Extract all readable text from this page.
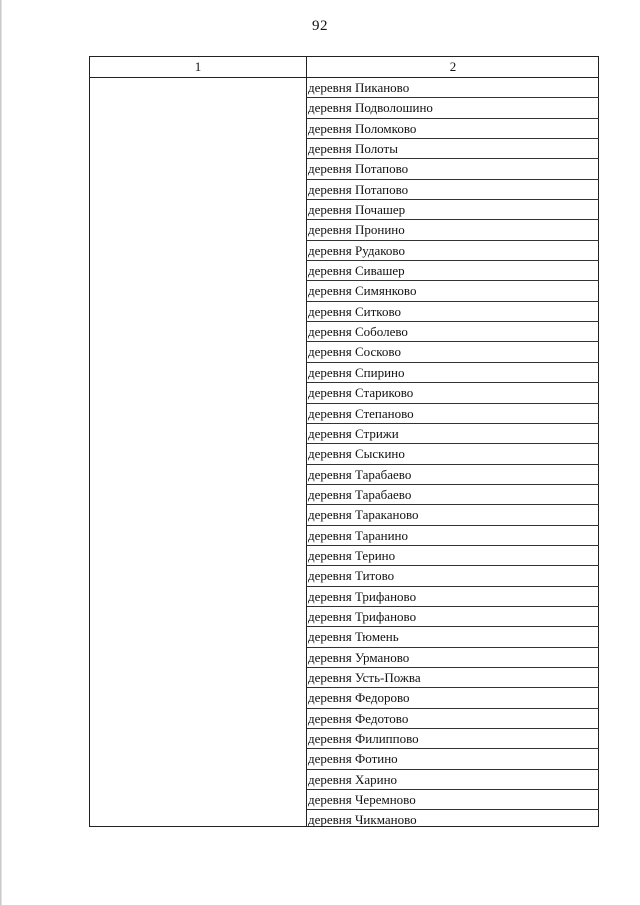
92
1	2
деревня Пиканово
деревня Подволошино
деревня Поломково
деревня Полоты
деревня Потапово
деревня Потапово
деревня Почашер
деревня Пронино
деревня Рудаково
деревня Сивашер
деревня Симянково
деревня Ситково
деревня Соболево
деревня Сосково
деревня Спирино
деревня Стариково
деревня Степаново
деревня Стрижи
деревня Сыскино
деревня Тарабаево
деревня Тарабаево
деревня Тараканово
деревня Таранино
деревня Терино
деревня Титово
деревня Трифаново
деревня Трифаново
деревня Тюмень
деревня Урманово
деревня Усть-Пожва
деревня Федорово
деревня Федотово
деревня Филиппово
деревня Фотино
деревня Харино
деревня Черемново
деревня Чикманово
